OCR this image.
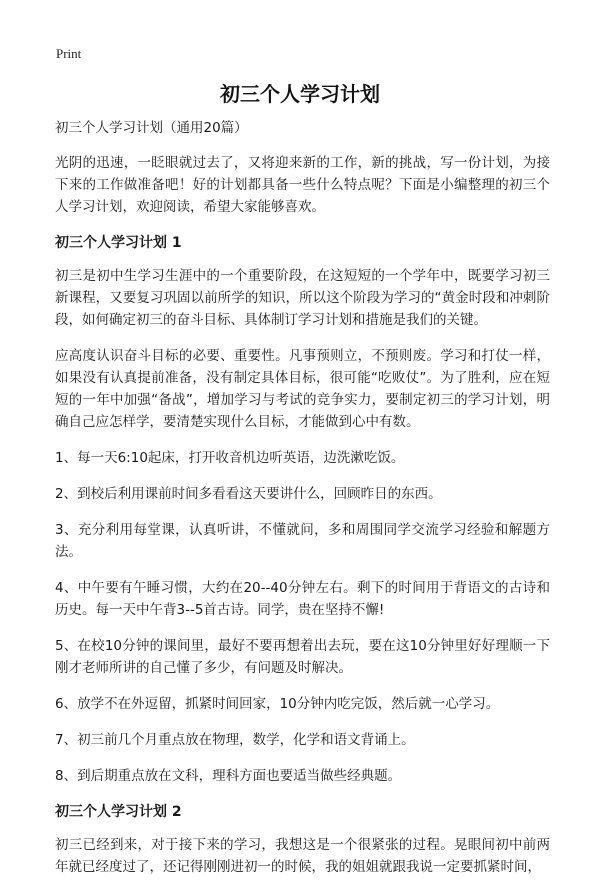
Print
初三个人学习计划
初三个人学习计划（通用20篇）

光阴的迅速，一眨眼就过去了，又将迎来新的工作，新的挑战，写一份计划，为接下来的工作做准备吧！好的计划都具备一些什么特点呢？下面是小编整理的初三个人学习计划，欢迎阅读，希望大家能够喜欢。

初三个人学习计划 1

初三是初中生学习生涯中的一个重要阶段，在这短短的一个学年中，既要学习初三新课程，又要复习巩固以前所学的知识，所以这个阶段为学习的“黄金时段和冲刺阶段，如何确定初三的奋斗目标、具体制订学习计划和措施是我们的关键。

应高度认识奋斗目标的必要、重要性。凡事预则立，不预则废。学习和打仗一样，如果没有认真提前准备，没有制定具体目标，很可能“吃败仗”。为了胜利，应在短短的一年中加强“备战”，增加学习与考试的竞争实力，要制定初三的学习计划，明确自己应怎样学，要清楚实现什么目标，才能做到心中有数。

1、每一天6:10起床，打开收音机边听英语，边洗漱吃饭。

2、到校后利用课前时间多看看这天要讲什么，回顾昨日的东西。

3、充分利用每堂课，认真听讲，不懂就问，多和周围同学交流学习经验和解题方法。

4、中午要有午睡习惯，大约在20--40分钟左右。剩下的时间用于背语文的古诗和历史。每一天中午背3--5首古诗。同学，贵在坚持不懈!

5、在校10分钟的课间里，最好不要再想着出去玩，要在这10分钟里好好理顺一下刚才老师所讲的自己懂了多少，有问题及时解决。

6、放学不在外逗留，抓紧时间回家，10分钟内吃完饭，然后就一心学习。

7、初三前几个月重点放在物理，数学，化学和语文背诵上。

8、到后期重点放在文科，理科方面也要适当做些经典题。

初三个人学习计划 2

初三已经到来，对于接下来的学习，我想这是一个很紧张的过程。晃眼间初中前两年就已经度过了，还记得刚刚进初一的时候，我的姐姐就跟我说一定要抓紧时间，
